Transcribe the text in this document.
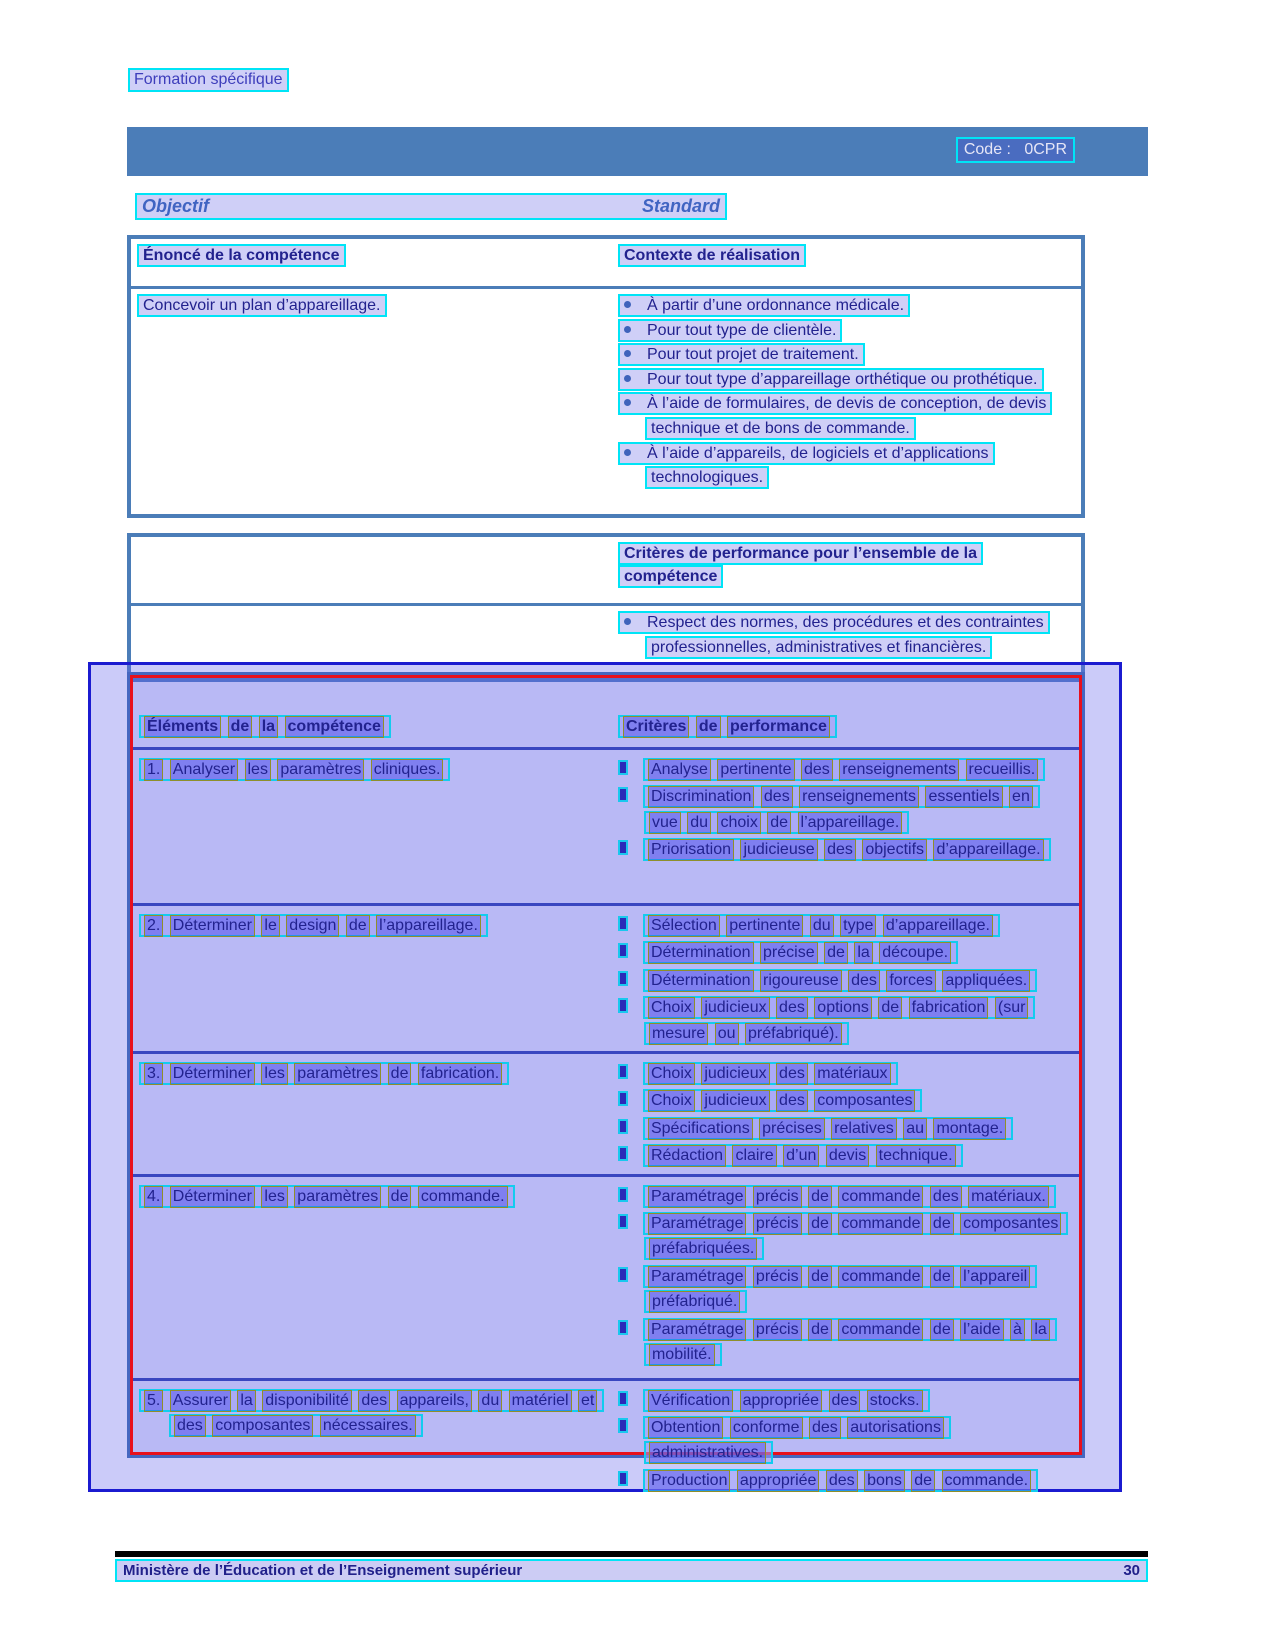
Formation spécifique
Code :   0CPR
Objectif	Standard
Énoncé de la compétence	Contexte de réalisation
Concevoir un plan d’appareillage.	À partir d’une ordonnance médicale.
Pour tout type de clientèle.
Pour tout projet de traitement.
Pour tout type d’appareillage orthétique ou prothétique.
À l’aide de formulaires, de devis de conception, de devis technique et de bons de commande.
À l’aide d’appareils, de logiciels et d’applications technologiques.
Critères de performance pour l’ensemble de la compétence
Respect des normes, des procédures et des contraintes professionnelles, administratives et financières.
Éléments de la compétence	Critères de performance
1. Analyser les paramètres cliniques.	Analyse pertinente des renseignements recueillis.
Discrimination des renseignements essentiels en vue du choix de l’appareillage.
Priorisation judicieuse des objectifs d’appareillage.
2. Déterminer le design de l’appareillage.	Sélection pertinente du type d’appareillage.
Détermination précise de la découpe.
Détermination rigoureuse des forces appliquées.
Choix judicieux des options de fabrication (sur mesure ou préfabriqué).
3. Déterminer les paramètres de fabrication.	Choix judicieux des matériaux
Choix judicieux des composantes
Spécifications précises relatives au montage.
Rédaction claire d’un devis technique.
4. Déterminer les paramètres de commande.	Paramétrage précis de commande des matériaux.
Paramétrage précis de commande de composantes préfabriquées.
Paramétrage précis de commande de l’appareil préfabriqué.
Paramétrage précis de commande de l’aide à la mobilité.
5. Assurer la disponibilité des appareils, du matériel et des composantes nécessaires.
Vérification appropriée des stocks.
Obtention conforme des autorisations administratives.
Production appropriée des bons de commande.
Ministère de l’Éducation et de l’Enseignement supérieur	30
